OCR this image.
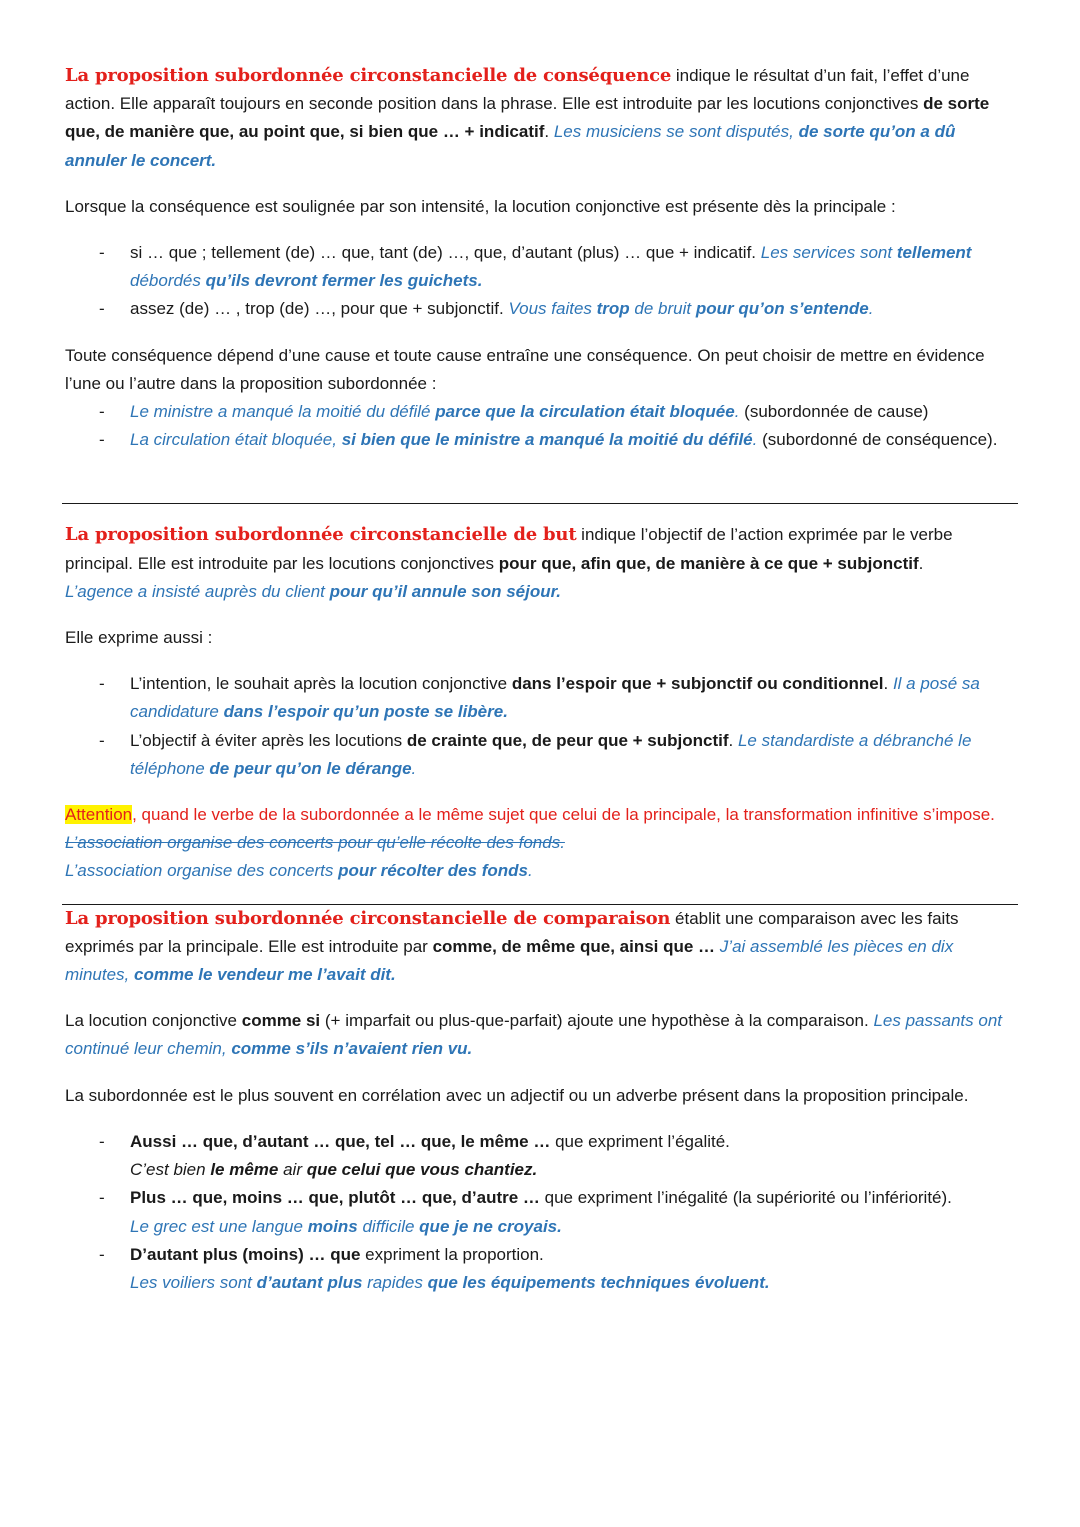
La proposition subordonnée circonstancielle de conséquence indique le résultat d’un fait, l’effet d’une action. Elle apparaît toujours en seconde position dans la phrase. Elle est introduite par les locutions conjonctives de sorte que, de manière que, au point que, si bien que … + indicatif. Les musiciens se sont disputés, de sorte qu’on a dû annuler le concert.

Lorsque la conséquence est soulignée par son intensité, la locution conjonctive est présente dès la principale :

- si … que ; tellement (de) … que, tant (de) …, que, d’autant (plus) … que + indicatif. Les services sont tellement débordés qu’ils devront fermer les guichets.
- assez (de) … , trop (de) …, pour que + subjonctif. Vous faites trop de bruit pour qu’on s’entende.

Toute conséquence dépend d’une cause et toute cause entraîne une conséquence. On peut choisir de mettre en évidence l’une ou l’autre dans la proposition subordonnée :

- Le ministre a manqué la moitié du défilé parce que la circulation était bloquée. (subordonnée de cause)
- La circulation était bloquée, si bien que le ministre a manqué la moitié du défilé. (subordonné de conséquence).

La proposition subordonnée circonstancielle de but indique l’objectif de l’action exprimée par le verbe principal. Elle est introduite par les locutions conjonctives pour que, afin que, de manière à ce que + subjonctif.
L’agence a insisté auprès du client pour qu’il annule son séjour.

Elle exprime aussi :

- L’intention, le souhait après la locution conjonctive dans l’espoir que + subjonctif ou conditionnel. Il a posé sa candidature dans l’espoir qu’un poste se libère.
- L’objectif à éviter après les locutions de crainte que, de peur que + subjonctif. Le standardiste a débranché le téléphone de peur qu’on le dérange.

Attention, quand le verbe de la subordonnée a le même sujet que celui de la principale, la transformation infinitive s’impose.

L’association organise des concerts pour qu’elle récolte des fonds.

L’association organise des concerts pour récolter des fonds.

La proposition subordonnée circonstancielle de comparaison établit une comparaison avec les faits exprimés par la principale. Elle est introduite par comme, de même que, ainsi que … J’ai assemblé les pièces en dix minutes, comme le vendeur me l’avait dit.

La locution conjonctive comme si (+ imparfait ou plus-que-parfait) ajoute une hypothèse à la comparaison. Les passants ont continué leur chemin, comme s’ils n’avaient rien vu.

La subordonnée est le plus souvent en corrélation avec un adjectif ou un adverbe présent dans la proposition principale.

- Aussi … que, d’autant … que, tel … que, le même … que expriment l’égalité.
C’est bien le même air que celui que vous chantiez.
- Plus … que, moins … que, plutôt … que, d’autre … que expriment l’inégalité (la supériorité ou l’infériorité).
Le grec est une langue moins difficile que je ne croyais.
- D’autant plus (moins) … que expriment la proportion.
Les voiliers sont d’autant plus rapides que les équipements techniques évoluent.
